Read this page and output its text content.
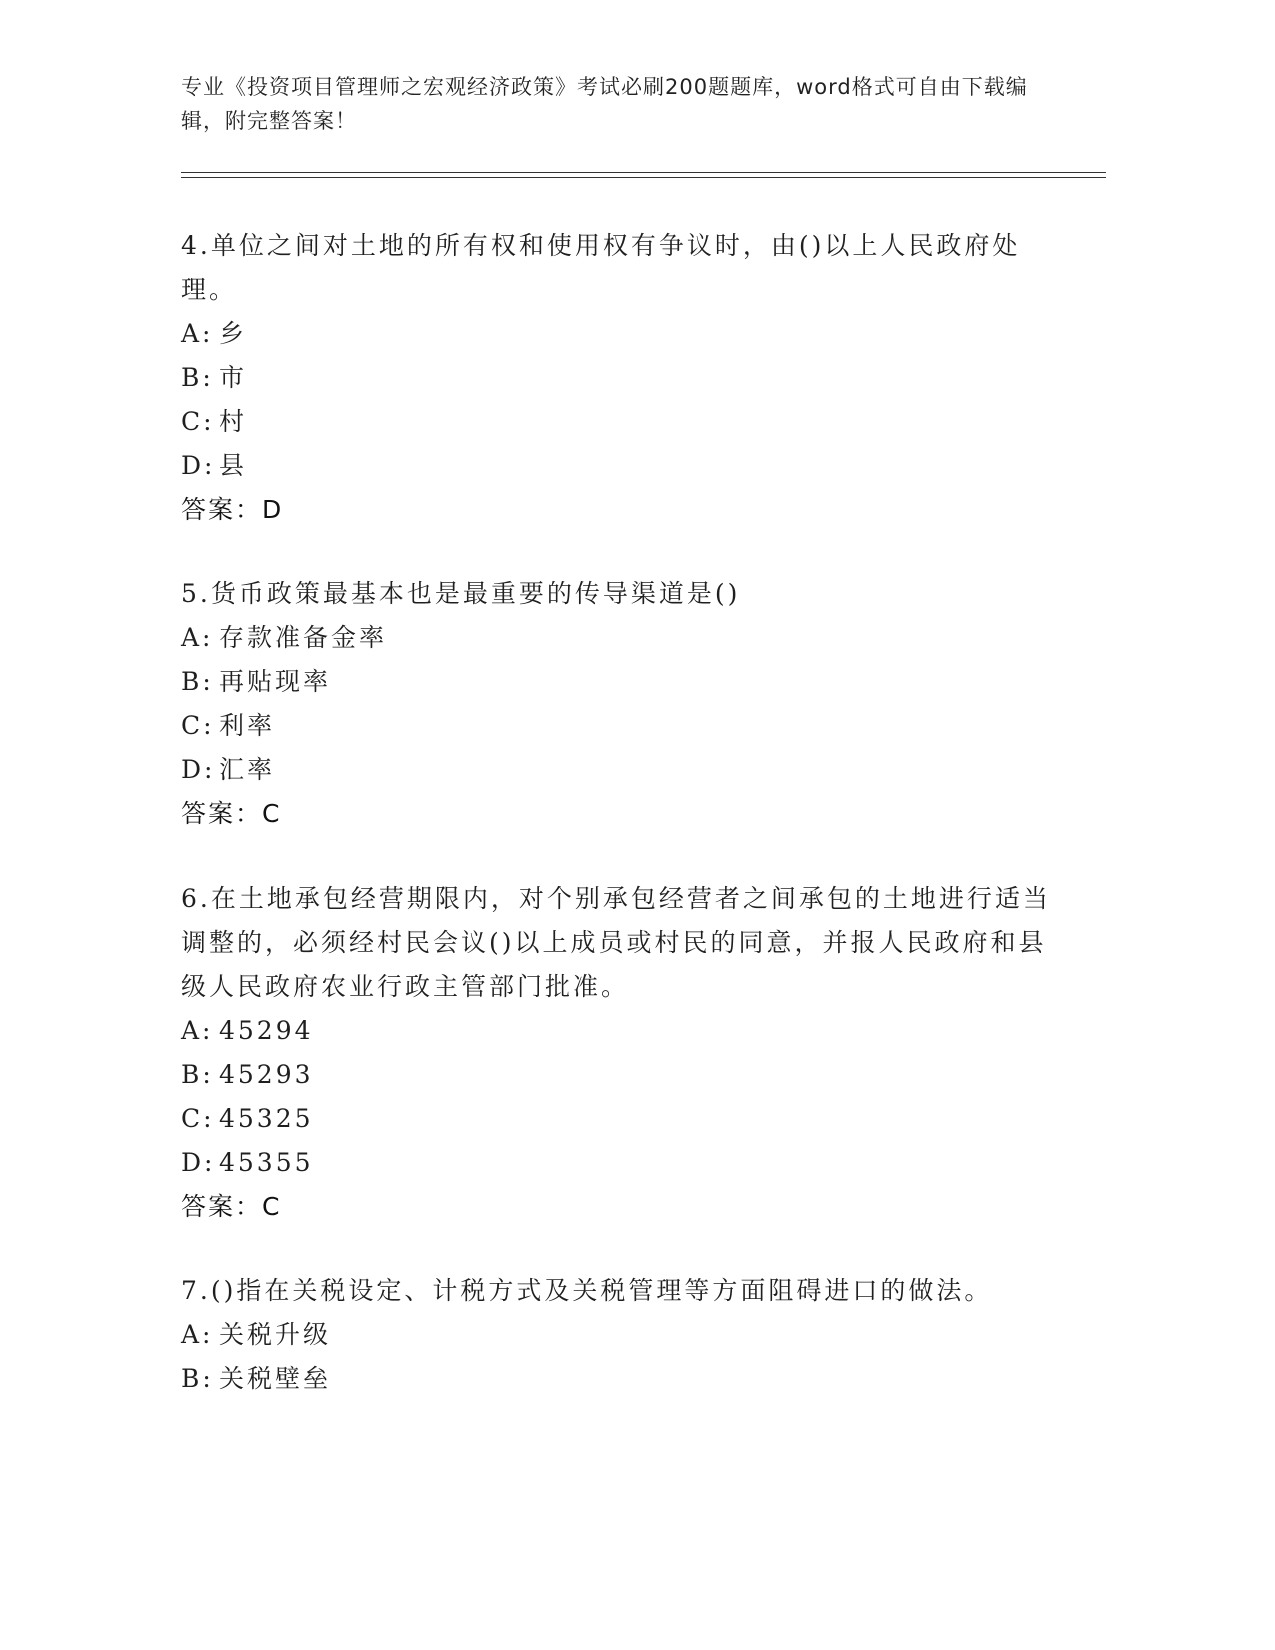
专业《投资项目管理师之宏观经济政策》考试必刷200题题库，word格式可自由下载编辑，附完整答案！

4.单位之间对土地的所有权和使用权有争议时，由()以上人民政府处理。

A: 乡

B: 市

C: 村

D: 县

答案：D

5.货币政策最基本也是最重要的传导渠道是()

A: 存款准备金率

B: 再贴现率

C: 利率

D: 汇率

答案：C

6.在土地承包经营期限内，对个别承包经营者之间承包的土地进行适当调整的，必须经村民会议()以上成员或村民的同意，并报人民政府和县级人民政府农业行政主管部门批准。

A: 45294

B: 45293

C: 45325

D: 45355

答案：C

7.()指在关税设定、计税方式及关税管理等方面阻碍进口的做法。

A: 关税升级

B: 关税壁垒
